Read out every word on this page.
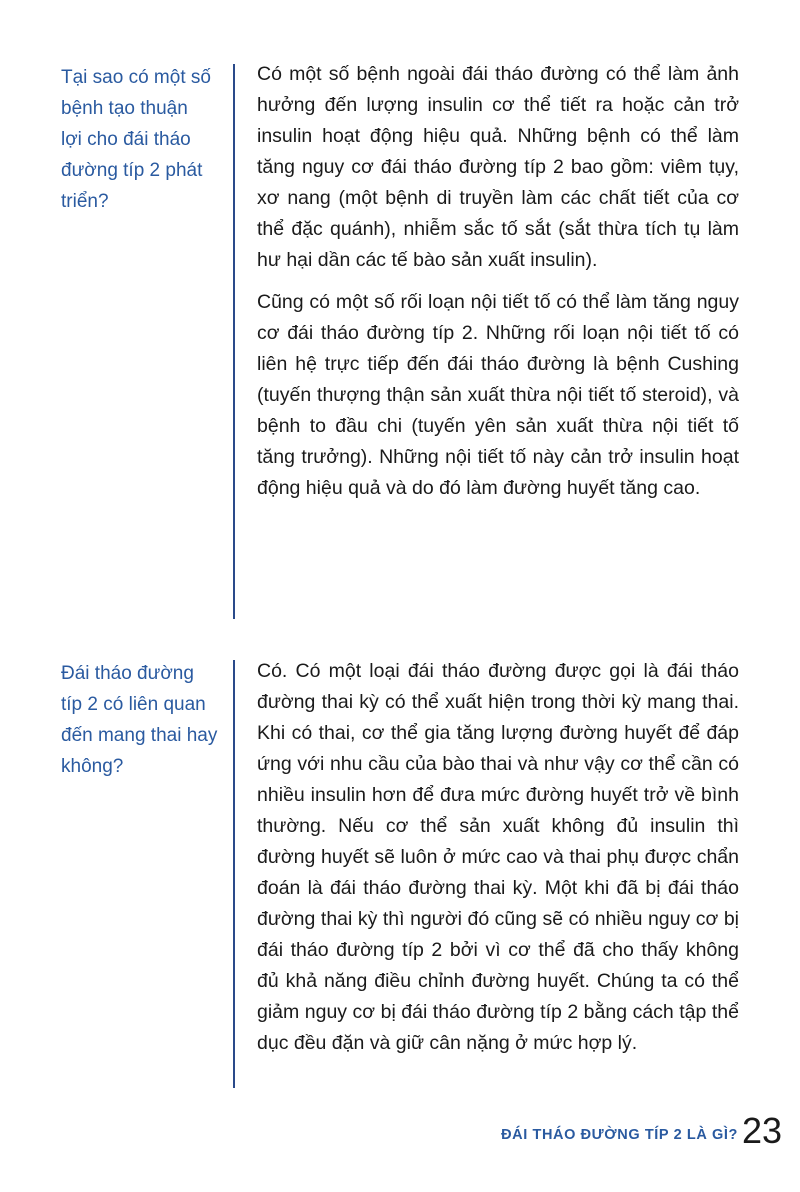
Tại sao có một số
bệnh tạo thuận
lợi cho đái tháo
đường típ 2 phát
triển?

Có một số bệnh ngoài đái tháo đường có thể làm ảnh hưởng đến lượng insulin cơ thể tiết ra hoặc cản trở insulin hoạt động hiệu quả. Những bệnh có thể làm tăng nguy cơ đái tháo đường típ 2 bao gồm: viêm tụy, xơ nang (một bệnh di truyền làm các chất tiết của cơ thể đặc quánh), nhiễm sắc tố sắt (sắt thừa tích tụ làm hư hại dần các tế bào sản xuất insulin).

Cũng có một số rối loạn nội tiết tố có thể làm tăng nguy cơ đái tháo đường típ 2. Những rối loạn nội tiết tố có liên hệ trực tiếp đến đái tháo đường là bệnh Cushing (tuyến thượng thận sản xuất thừa nội tiết tố steroid), và bệnh to đầu chi (tuyến yên sản xuất thừa nội tiết tố tăng trưởng). Những nội tiết tố này cản trở insulin hoạt động hiệu quả và do đó làm đường huyết tăng cao.

Đái tháo đường
típ 2 có liên quan
đến mang thai hay
không?

Có. Có một loại đái tháo đường được gọi là đái tháo đường thai kỳ có thể xuất hiện trong thời kỳ mang thai. Khi có thai, cơ thể gia tăng lượng đường huyết để đáp ứng với nhu cầu của bào thai và như vậy cơ thể cần có nhiều insulin hơn để đưa mức đường huyết trở về bình thường. Nếu cơ thể sản xuất không đủ insulin thì đường huyết sẽ luôn ở mức cao và thai phụ được chẩn đoán là đái tháo đường thai kỳ. Một khi đã bị đái tháo đường thai kỳ thì người đó cũng sẽ có nhiều nguy cơ bị đái tháo đường típ 2 bởi vì cơ thể đã cho thấy không đủ khả năng điều chỉnh đường huyết. Chúng ta có thể giảm nguy cơ bị đái tháo đường típ 2 bằng cách tập thể dục đều đặn và giữ cân nặng ở mức hợp lý.

ĐÁI THÁO ĐƯỜNG TÍP 2 LÀ GÌ? 23
